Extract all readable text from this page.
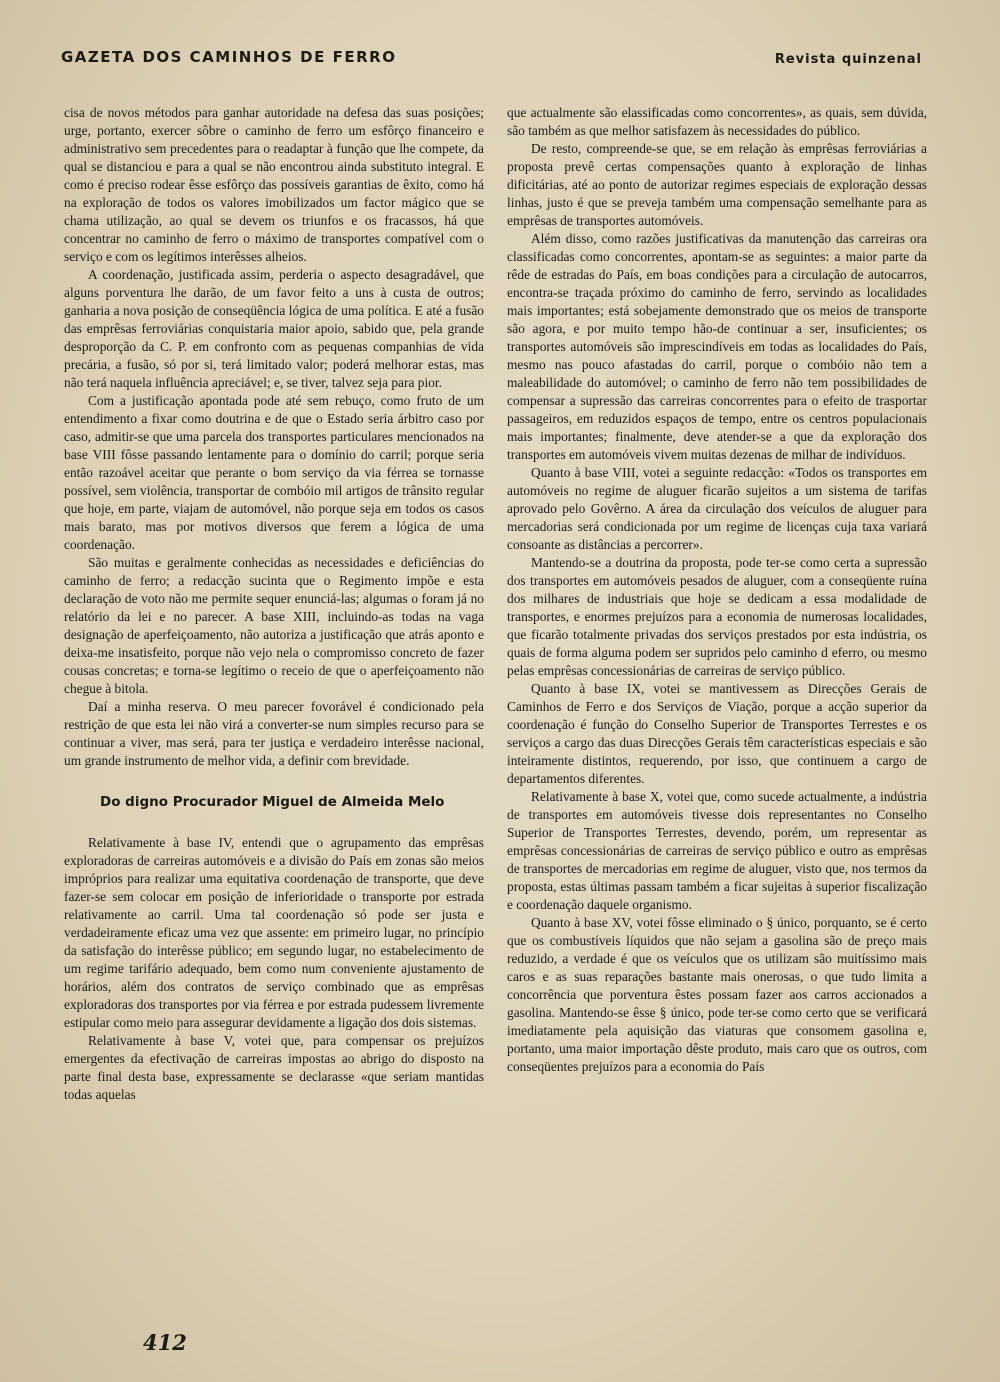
GAZETA DOS CAMINHOS DE FERRO	Revista quinzenal

cisa de novos métodos para ganhar autoridade na defesa das suas posições; urge, portanto, exercer sôbre o caminho de ferro um esfôrço financeiro e administrativo sem precedentes para o readaptar à função que lhe compete, da qual se distanciou e para a qual se não encontrou ainda substituto integral. E como é preciso rodear êsse esfôrço das possíveis garantias de êxito, como há na exploração de todos os valores imobilizados um factor mágico que se chama utilização, ao qual se devem os triunfos e os fracassos, há que concentrar no caminho de ferro o máximo de transportes compatível com o serviço e com os legítimos interêsses alheios.

A coordenação, justificada assim, perderia o aspecto desagradável, que alguns porventura lhe darão, de um favor feito a uns à custa de outros; ganharia a nova posição de conseqüência lógica de uma política. E até a fusão das emprêsas ferroviárias conquistaria maior apoio, sabido que, pela grande desproporção da C. P. em confronto com as pequenas companhias de vida precária, a fusão, só por si, terá limitado valor; poderá melhorar estas, mas não terá naquela influência apreciável; e, se tiver, talvez seja para pior.

Com a justificação apontada pode até sem rebuço, como fruto de um entendimento a fixar como doutrina e de que o Estado seria árbitro caso por caso, admitir-se que uma parcela dos transportes particulares mencionados na base VIII fôsse passando lentamente para o domínio do carril; porque seria então razoável aceitar que perante o bom serviço da via férrea se tornasse possível, sem violência, transportar de combóio mil artigos de trânsito regular que hoje, em parte, viajam de automóvel, não porque seja em todos os casos mais barato, mas por motivos diversos que ferem a lógica de uma coordenação.

São muitas e geralmente conhecidas as necessidades e deficiências do caminho de ferro; a redacção sucinta que o Regimento impõe e esta declaração de voto não me permite sequer enunciá-las; algumas o foram já no relatório da lei e no parecer. A base XIII, incluindo-as todas na vaga designação de aperfeiçoamento, não autoriza a justificação que atrás aponto e deixa-me insatisfeito, porque não vejo nela o compromisso concreto de fazer cousas concretas; e torna-se legítimo o receio de que o aperfeiçoamento não chegue à bitola.

Daí a minha reserva. O meu parecer fovorável é condicionado pela restrição de que esta lei não virá a converter-se num simples recurso para se continuar a viver, mas será, para ter justiça e verdadeiro interêsse nacional, um grande instrumento de melhor vida, a definir com brevidade.

Do digno Procurador Miguel de Almeida Melo

Relativamente à base IV, entendi que o agrupamento das emprêsas exploradoras de carreiras automóveis e a divisão do País em zonas são meios impróprios para realizar uma equitativa coordenação de transporte, que deve fazer-se sem colocar em posição de inferioridade o transporte por estrada relativamente ao carril. Uma tal coordenação só pode ser justa e verdadeiramente eficaz uma vez que assente: em primeiro lugar, no princípio da satisfação do interêsse público; em segundo lugar, no estabelecimento de um regime tarifário adequado, bem como num conveniente ajustamento de horários, além dos contratos de serviço combinado que as emprêsas exploradoras dos transportes por via férrea e por estrada pudessem livremente estipular como meio para assegurar devidamente a ligação dos dois sistemas.

Relativamente à base V, votei que, para compensar os prejuízos emergentes da efectivação de carreiras impostas ao abrigo do disposto na parte final desta base, expressamente se declarasse «que seriam mantidas todas aquelas

que actualmente são elassificadas como concorrentes», as quais, sem dúvida, são também as que melhor satisfazem às necessidades do público.

De resto, compreende-se que, se em relação às emprêsas ferroviárias a proposta prevê certas compensações quanto à exploração de linhas dificitárias, até ao ponto de autorizar regimes especiais de exploração dessas linhas, justo é que se preveja também uma compensação semelhante para as emprêsas de transportes automóveis.

Além disso, como razões justificativas da manutenção das carreiras ora classificadas como concorrentes, apontam-se as seguintes: a maior parte da rêde de estradas do País, em boas condições para a circulação de autocarros, encontra-se traçada próximo do caminho de ferro, servindo as localidades mais importantes; está sobejamente demonstrado que os meios de transporte são agora, e por muito tempo hão-de continuar a ser, insuficientes; os transportes automóveis são imprescindíveis em todas as localidades do País, mesmo nas pouco afastadas do carril, porque o combóio não tem a maleabilidade do automóvel; o caminho de ferro não tem possibilidades de compensar a supressão das carreiras concorrentes para o efeito de trasportar passageiros, em reduzidos espaços de tempo, entre os centros populacionais mais importantes; finalmente, deve atender-se a que da exploração dos transportes em automóveis vivem muitas dezenas de milhar de indivíduos.

Quanto à base VIII, votei a seguinte redacção: «Todos os transportes em automóveis no regime de aluguer ficarão sujeitos a um sistema de tarifas aprovado pelo Govêrno. A área da circulação dos veículos de aluguer para mercadorias será condicionada por um regime de licenças cuja taxa variará consoante as distâncias a percorrer».

Mantendo-se a doutrina da proposta, pode ter-se como certa a supressão dos transportes em automóveis pesados de aluguer, com a conseqüente ruína dos milhares de industriais que hoje se dedicam a essa modalidade de transportes, e enormes prejuízos para a economia de numerosas localidades, que ficarão totalmente privadas dos serviços prestados por esta indústria, os quais de forma alguma podem ser supridos pelo caminho d eferro, ou mesmo pelas emprêsas concessionárias de carreiras de serviço público.

Quanto à base IX, votei se mantivessem as Direcções Gerais de Caminhos de Ferro e dos Serviços de Viação, porque a acção superior da coordenação é função do Conselho Superior de Transportes Terrestes e os serviços a cargo das duas Direcções Gerais têm características especiais e são inteiramente distintos, requerendo, por isso, que continuem a cargo de departamentos diferentes.

Relativamente à base X, votei que, como sucede actualmente, a indústria de transportes em automóveis tivesse dois representantes no Conselho Superior de Transportes Terrestes, devendo, porém, um representar as emprêsas concessionárias de carreiras de serviço público e outro as emprêsas de transportes de mercadorias em regime de aluguer, visto que, nos termos da proposta, estas últimas passam também a ficar sujeitas à superior fiscalização e coordenação daquele organismo.

Quanto à base XV, votei fôsse eliminado o § único, porquanto, se é certo que os combustíveis líquidos que não sejam a gasolina são de preço mais reduzido, a verdade é que os veículos que os utilizam são muitíssimo mais caros e as suas reparações bastante mais onerosas, o que tudo limita a concorrência que porventura êstes possam fazer aos carros accionados a gasolina. Mantendo-se êsse § único, pode ter-se como certo que se verificará imediatamente pela aquisição das viaturas que consomem gasolina e, portanto, uma maior importação dêste produto, mais caro que os outros, com conseqüentes prejuízos para a economia do País

412
